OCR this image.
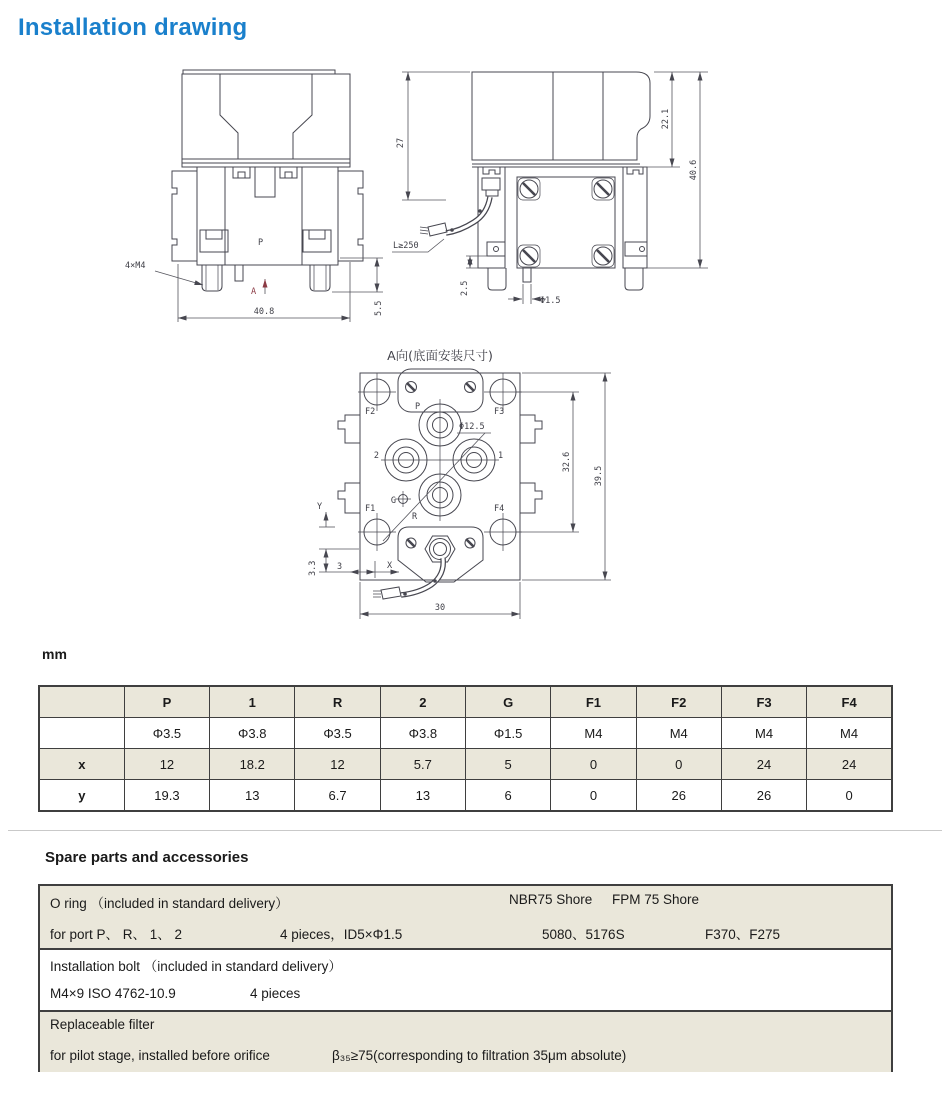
Installation drawing
P
A
4×M4
40.8	5.5
L≥250
27
22.1
40.6
2.5
Φ1.5
A向(底面安装尺寸)
Φ12.5
F2	P	F3
2	1
G
F1
R
F4
Y
3.3 3	X
30
32.6
39.5
mm
	P	1	R	2	G	F1	F2	F3	F4
	Φ3.5	Φ3.8	Φ3.5	Φ3.8	Φ1.5	M4	M4	M4	M4
x	12	18.2	12	5.7	5	0	0	24	24
y	19.3	13	6.7	13	6	0	26	26	0
Spare parts and accessories
O ring （included in standard delivery）	NBR75 Shore FPM 75 Shore
for port P、 R、 1、 2	4 pieces，ID5×Φ1.5	5080、5176S	F370、F275
Installation bolt （included in standard delivery）
M4×9 ISO 4762-10.9	4 pieces
Replaceable filter
for pilot stage, installed before orifice	β₃₅≥75(corresponding to filtration 35μm absolute)
